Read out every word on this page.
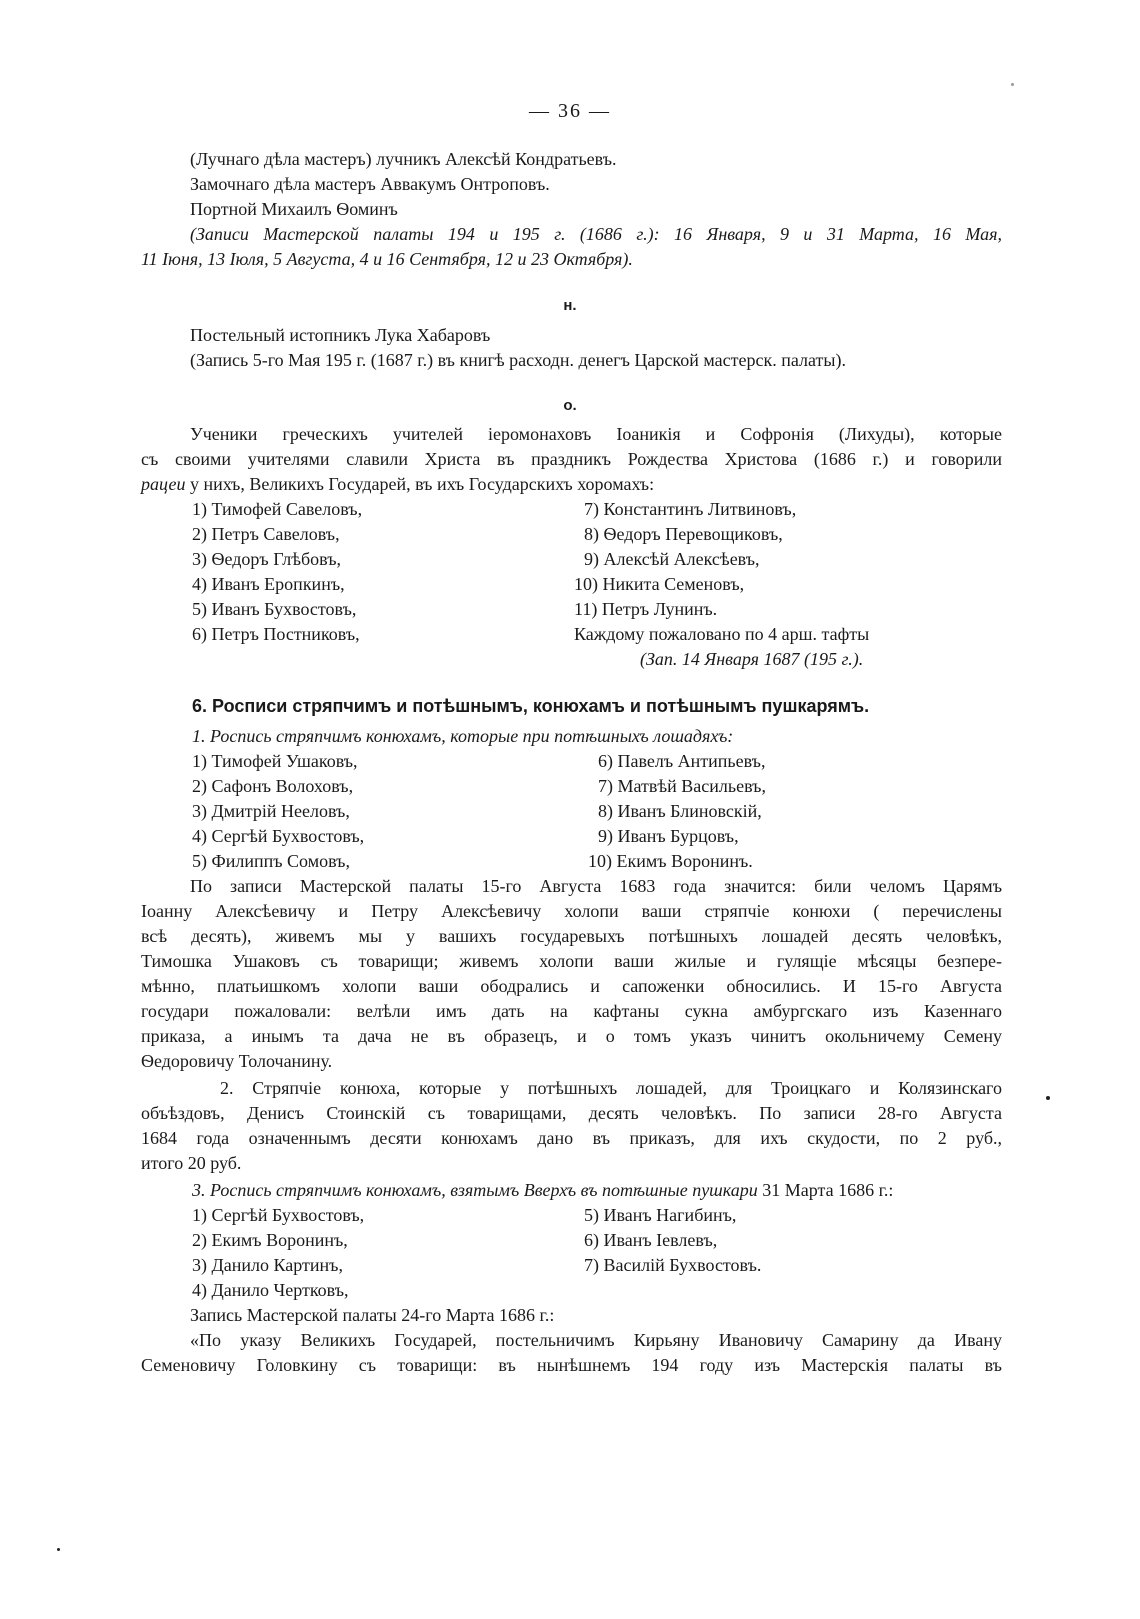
— 36 —
(Лучнаго дѣла мастеръ) лучникъ Алексѣй Кондратьевъ.
Замочнаго дѣла мастеръ Аввакумъ Онтроповъ.
Портной Михаилъ Ѳоминъ
(Записи Мастерской палаты 194 и 195 г. (1686 г.): 16 Января, 9 и 31 Марта, 16 Мая,
11 Іюня, 13 Іюля, 5 Августа, 4 и 16 Сентября, 12 и 23 Октября).
н.
Постельный истопникъ Лука Хабаровъ
(Запись 5-го Мая 195 г. (1687 г.) въ книгѣ расходн. денегъ Царской мастерск. палаты).
о.
Ученики греческихъ учителей іеромонаховъ Іоаникія и Софронія (Лихуды), которые
съ своими учителями славили Христа въ праздникъ Рождества Христова (1686 г.) и говорили
рацеи у нихъ, Великихъ Государей, въ ихъ Государскихъ хоромахъ:
1) Тимофей Савеловъ,
2) Петръ Савеловъ,
3) Ѳедоръ Глѣбовъ,
4) Иванъ Еропкинъ,
5) Иванъ Бухвостовъ,
6) Петръ Постниковъ,
7) Константинъ Литвиновъ,
8) Ѳедоръ Перевощиковъ,
9) Алексѣй Алексѣевъ,
10) Никита Семеновъ,
11) Петръ Лунинъ.
Каждому пожаловано по 4 арш. тафты
(Зап. 14 Января 1687 (195 г.).
6. Росписи стряпчимъ и потѣшнымъ, конюхамъ и потѣшнымъ пушкарямъ.
1. Роспись стряпчимъ конюхамъ, которые при потѣшныхъ лошадяхъ:
1) Тимофей Ушаковъ,
2) Сафонъ Волоховъ,
3) Дмитрій Нееловъ,
4) Сергѣй Бухвостовъ,
5) Филиппъ Сомовъ,
6) Павелъ Антипьевъ,
7) Матвѣй Васильевъ,
8) Иванъ Блиновскій,
9) Иванъ Бурцовъ,
10) Екимъ Воронинъ.
По записи Мастерской палаты 15-го Августа 1683 года значится: били челомъ Царямъ
Іоанну Алексѣевичу и Петру Алексѣевичу холопи ваши стряпчіе конюхи ( перечислены
всѣ десять), живемъ мы у вашихъ государевыхъ потѣшныхъ лошадей десять человѣкъ,
Тимошка Ушаковъ съ товарищи; живемъ холопи ваши жилые и гулящіе мѣсяцы безпере-
мѣнно, платьишкомъ холопи ваши ободрались и сапоженки обносились. И 15-го Августа
государи пожаловали: велѣли имъ дать на кафтаны сукна амбургскаго изъ Казеннаго
приказа, а инымъ та дача не въ образецъ, и о томъ указъ чинитъ окольничему Семену
Ѳедоровичу Толочанину.
2. Стряпчіе конюха, которые у потѣшныхъ лошадей, для Троицкаго и Колязинскаго
объѣздовъ, Денисъ Стоинскій съ товарищами, десять человѣкъ. По записи 28-го Августа
1684 года означеннымъ десяти конюхамъ дано въ приказъ, для ихъ скудости, по 2 руб.,
итого 20 руб.
3. Роспись стряпчимъ конюхамъ, взятымъ Вверхъ въ потѣшные пушкари 31 Марта 1686 г.:
1) Сергѣй Бухвостовъ,
2) Екимъ Воронинъ,
3) Данило Картинъ,
4) Данило Чертковъ,
5) Иванъ Нагибинъ,
6) Иванъ Іевлевъ,
7) Василій Бухвостовъ.
Запись Мастерской палаты 24-го Марта 1686 г.:
«По указу Великихъ Государей, постельничимъ Кирьяну Ивановичу Самарину да Ивану
Семеновичу Головкину съ товарищи: въ нынѣшнемъ 194 году изъ Мастерскія палаты въ
